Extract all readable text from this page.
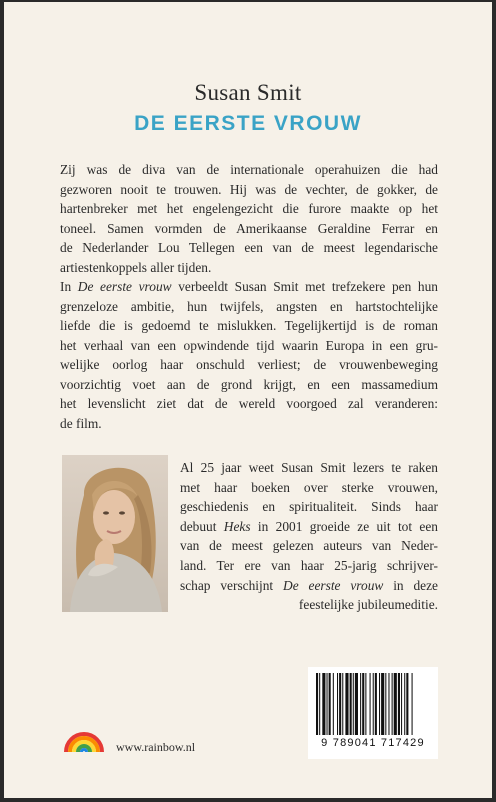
Susan Smit
DE EERSTE VROUW
Zij was de diva van de internationale operahuizen die had
gezworen nooit te trouwen. Hij was de vechter, de gokker, de
hartenbreker met het engelengezicht die furore maakte op het
toneel. Samen vormden de Amerikaanse Geraldine Ferrar en
de Nederlander Lou Tellegen een van de meest legendarische
artiestenkoppels aller tijden.
In De eerste vrouw verbeeldt Susan Smit met trefzekere pen hun
grenzeloze ambitie, hun twijfels, angsten en hartstochtelijke
liefde die is gedoemd te mislukken. Tegelijkertijd is de roman
het verhaal van een opwindende tijd waarin Europa in een gru-
welijke oorlog haar onschuld verliest; de vrouwenbeweging
voorzichtig voet aan de grond krijgt, en een massamedium
het levenslicht ziet dat de wereld voorgoed zal veranderen:
de film.
Al 25 jaar weet Susan Smit lezers te raken
met haar boeken over sterke vrouwen,
geschiedenis en spiritualiteit. Sinds haar
debuut Heks in 2001 groeide ze uit tot een
van de meest gelezen auteurs van Neder-
land. Ter ere van haar 25-jarig schrijver-
schap verschijnt De eerste vrouw in deze
feestelijke jubileumeditie.
www.rainbow.nl	9 789041 717429
